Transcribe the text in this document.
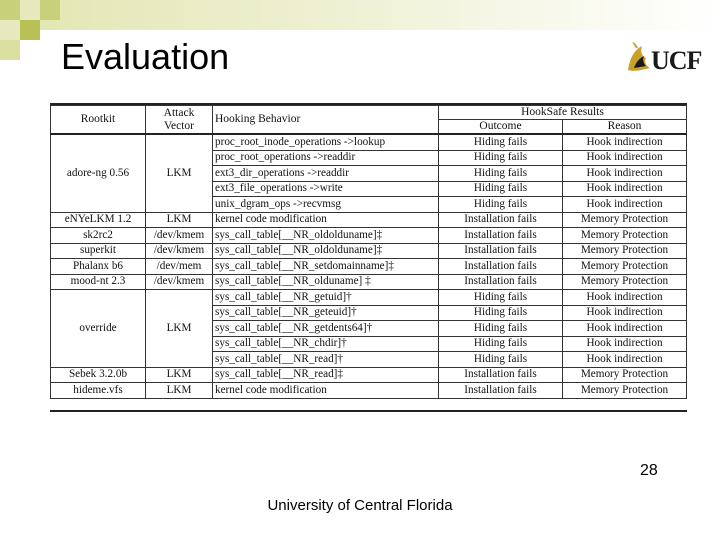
Evaluation	UCF
Rootkit	Attack Vector	Hooking Behavior	HookSafe Results	
			Outcome	Reason
adore-ng 0.56	LKM	proc_root_inode_operations ->lookup	Hiding fails	Hook indirection
		proc_root_operations ->readdir	Hiding fails	Hook indirection
		ext3_dir_operations ->readdir	Hiding fails	Hook indirection
		ext3_file_operations ->write	Hiding fails	Hook indirection
		unix_dgram_ops ->recvmsg	Hiding fails	Hook indirection
eNYeLKM 1.2	LKM	kernel code modification	Installation fails	Memory Protection
sk2rc2	/dev/kmem	sys_call_table[__NR_oldolduname]‡	Installation fails	Memory Protection
superkit	/dev/kmem	sys_call_table[__NR_oldolduname]‡	Installation fails	Memory Protection
Phalanx b6	/dev/mem	sys_call_table[__NR_setdomainname]‡	Installation fails	Memory Protection
mood-nt 2.3	/dev/kmem	sys_call_table[__NR_olduname] ‡	Installation fails	Memory Protection
override	LKM	sys_call_table[__NR_getuid]†	Hiding fails	Hook indirection
		sys_call_table[__NR_geteuid]†	Hiding fails	Hook indirection
		sys_call_table[__NR_getdents64]†	Hiding fails	Hook indirection
		sys_call_table[__NR_chdir]†	Hiding fails	Hook indirection
		sys_call_table[__NR_read]†	Hiding fails	Hook indirection
Sebek 3.2.0b	LKM	sys_call_table[__NR_read]‡	Installation fails	Memory Protection
hideme.vfs	LKM	kernel code modification	Installation fails	Memory Protection
28
University of Central Florida
